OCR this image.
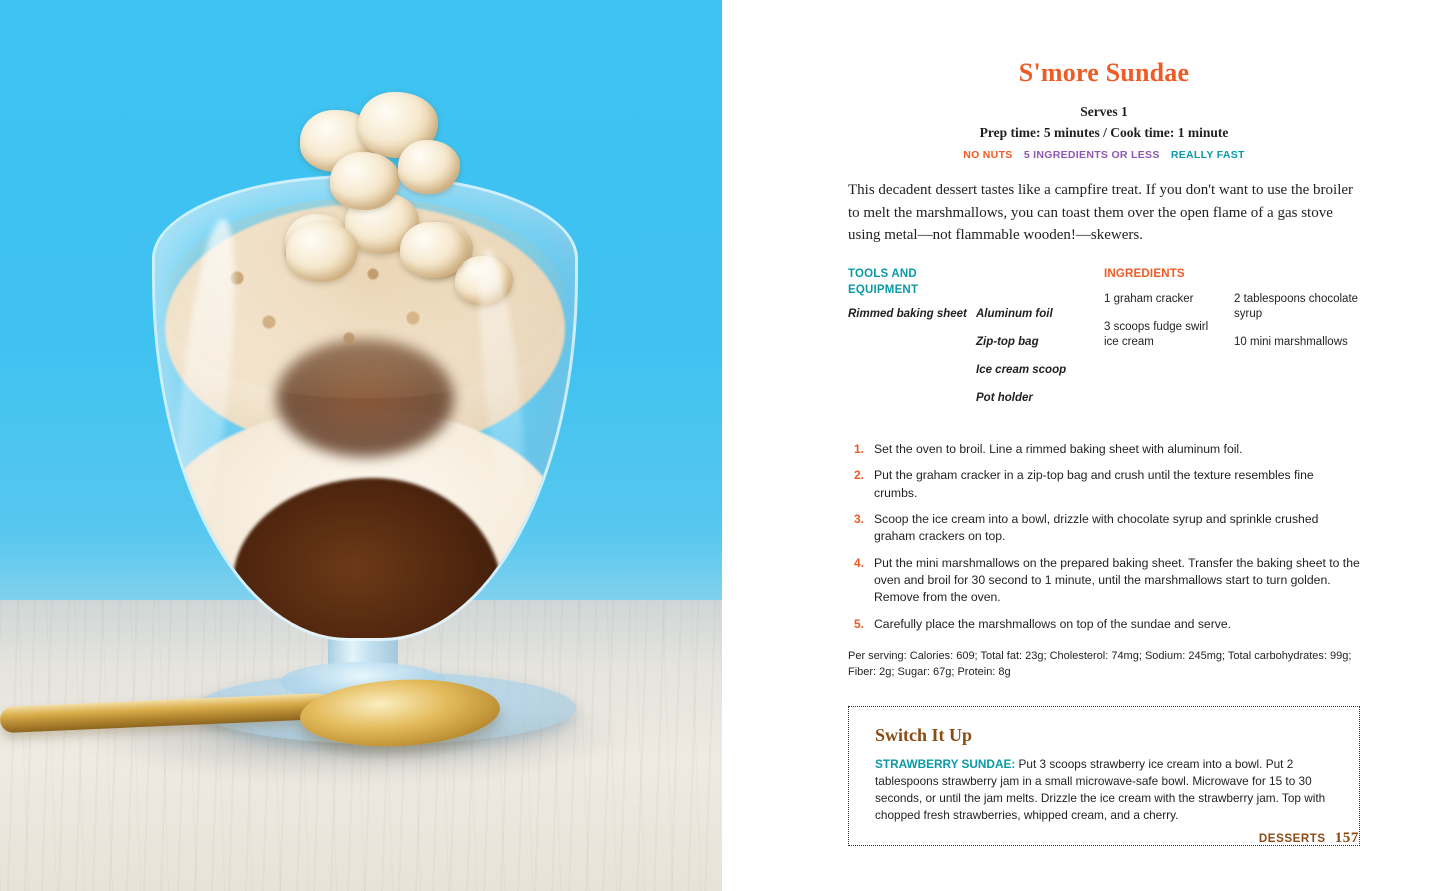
S'more Sundae

Serves 1

Prep time: 5 minutes / Cook time: 1 minute

NO NUTS 5 INGREDIENTS OR LESS REALLY FAST

This decadent dessert tastes like a campfire treat. If you don't want to use the broiler to melt the marshmallows, you can toast them over the open flame of a gas stove using metal—not flammable wooden!—skewers.

TOOLS AND EQUIPMENT
Rimmed baking sheet Aluminum foil
Zip-top bag
Ice cream scoop
Pot holder
INGREDIENTS
1 graham cracker
3 scoops fudge swirl ice cream
2 tablespoons chocolate syrup
10 mini marshmallows
1. Set the oven to broil. Line a rimmed baking sheet with aluminum foil.
2. Put the graham cracker in a zip-top bag and crush until the texture resembles fine crumbs.
3. Scoop the ice cream into a bowl, drizzle with chocolate syrup and sprinkle crushed graham crackers on top.
4. Put the mini marshmallows on the prepared baking sheet. Transfer the baking sheet to the oven and broil for 30 second to 1 minute, until the marshmallows start to turn golden. Remove from the oven.
5. Carefully place the marshmallows on top of the sundae and serve.

Per serving: Calories: 609; Total fat: 23g; Cholesterol: 74mg; Sodium: 245mg; Total carbohydrates: 99g; Fiber: 2g; Sugar: 67g; Protein: 8g

Switch It Up
STRAWBERRY SUNDAE: Put 3 scoops strawberry ice cream into a bowl. Put 2 tablespoons strawberry jam in a small microwave-safe bowl. Microwave for 15 to 30 seconds, or until the jam melts. Drizzle the ice cream with the strawberry jam. Top with chopped fresh strawberries, whipped cream, and a cherry.
DESSERTS 157
